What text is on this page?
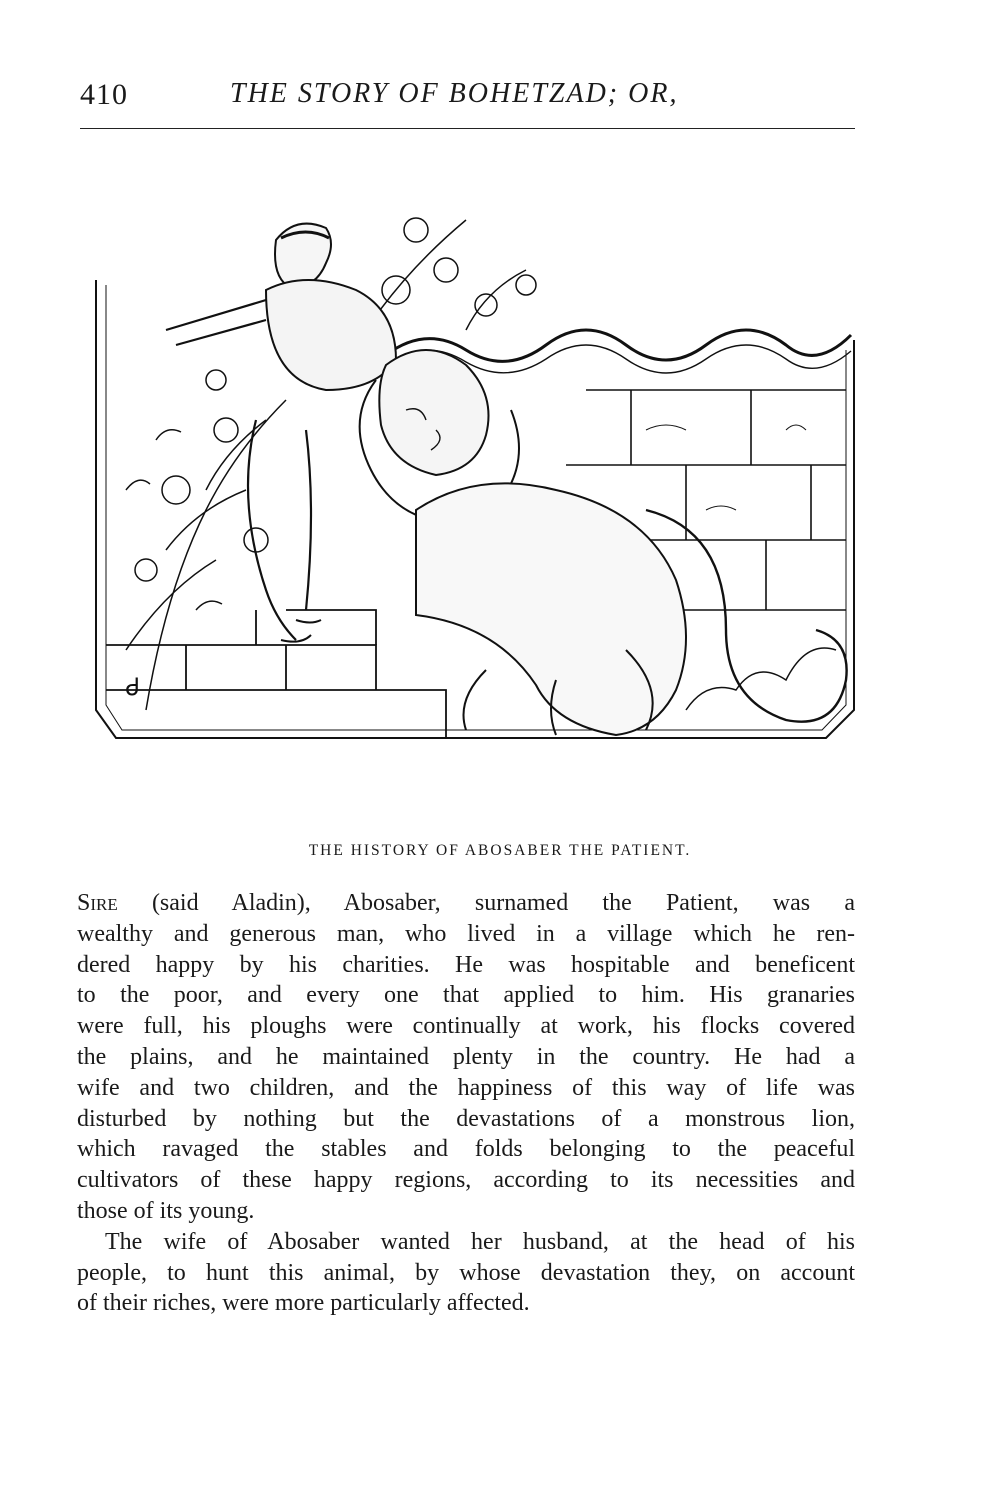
410	THE STORY OF BOHETZAD; OR,
Ꮷ
THE HISTORY OF ABOSABER THE PATIENT.
Sire (said Aladin), Abosaber, surnamed the Patient, was a
wealthy and generous man, who lived in a village which he ren-
dered happy by his charities. He was hospitable and beneficent
to the poor, and every one that applied to him. His granaries
were full, his ploughs were continually at work, his flocks covered
the plains, and he maintained plenty in the country. He had a
wife and two children, and the happiness of this way of life was
disturbed by nothing but the devastations of a monstrous lion,
which ravaged the stables and folds belonging to the peaceful
cultivators of these happy regions, according to its necessities and
those of its young.
The wife of Abosaber wanted her husband, at the head of his
people, to hunt this animal, by whose devastation they, on account
of their riches, were more particularly affected.
